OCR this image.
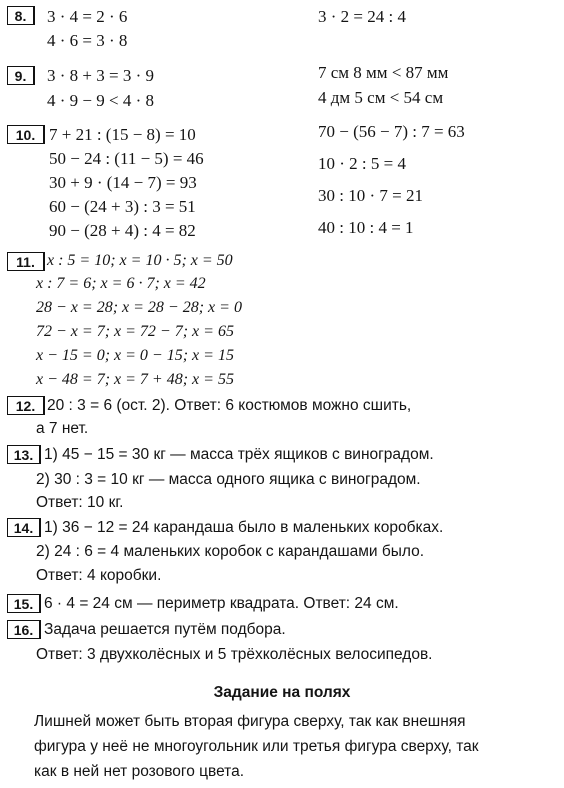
8.	3 · 4 = 2 · 6
4 · 6 = 3 · 8
3 · 2 = 24 : 4
9.	3 · 8 + 3 = 3 · 9
4 · 9 − 9 < 4 · 8
7 см 8 мм < 87 мм
4 дм 5 см < 54 см
10. 7 + 21 : (15 − 8) = 10
50 − 24 : (11 − 5) = 46
30 + 9 · (14 − 7) = 93
60 − (24 + 3) : 3 = 51
90 − (28 + 4) : 4 = 82
70 − (56 − 7) : 7 = 63
10 · 2 : 5 = 4
30 : 10 · 7 = 21
40 : 10 : 4 = 1
11. x : 5 = 10; x = 10 · 5; x = 50
x : 7 = 6; x = 6 · 7; x = 42
28 − x = 28; x = 28 − 28; x = 0
72 − x = 7; x = 72 − 7; x = 65
x − 15 = 0; x = 0 − 15; x = 15
x − 48 = 7; x = 7 + 48; x = 55
12. 20 : 3 = 6 (ост. 2). Ответ: 6 костюмов можно сшить,
а 7 нет.
13. 1) 45 − 15 = 30 кг — масса трёх ящиков с виноградом.
2) 30 : 3 = 10 кг — масса одного ящика с виноградом.
Ответ: 10 кг.
14. 1) 36 − 12 = 24 карандаша было в маленьких коробках.
2) 24 : 6 = 4 маленьких коробок с карандашами было.
Ответ: 4 коробки.
15. 6 · 4 = 24 см — периметр квадрата. Ответ: 24 см.
16. Задача решается путём подбора.
Ответ: 3 двухколёсных и 5 трёхколёсных велосипедов.
Задание на полях
Лишней может быть вторая фигура сверху, так как внешняя фигура у неё не многоугольник или третья фигура сверху, так как в ней нет розового цвета.
